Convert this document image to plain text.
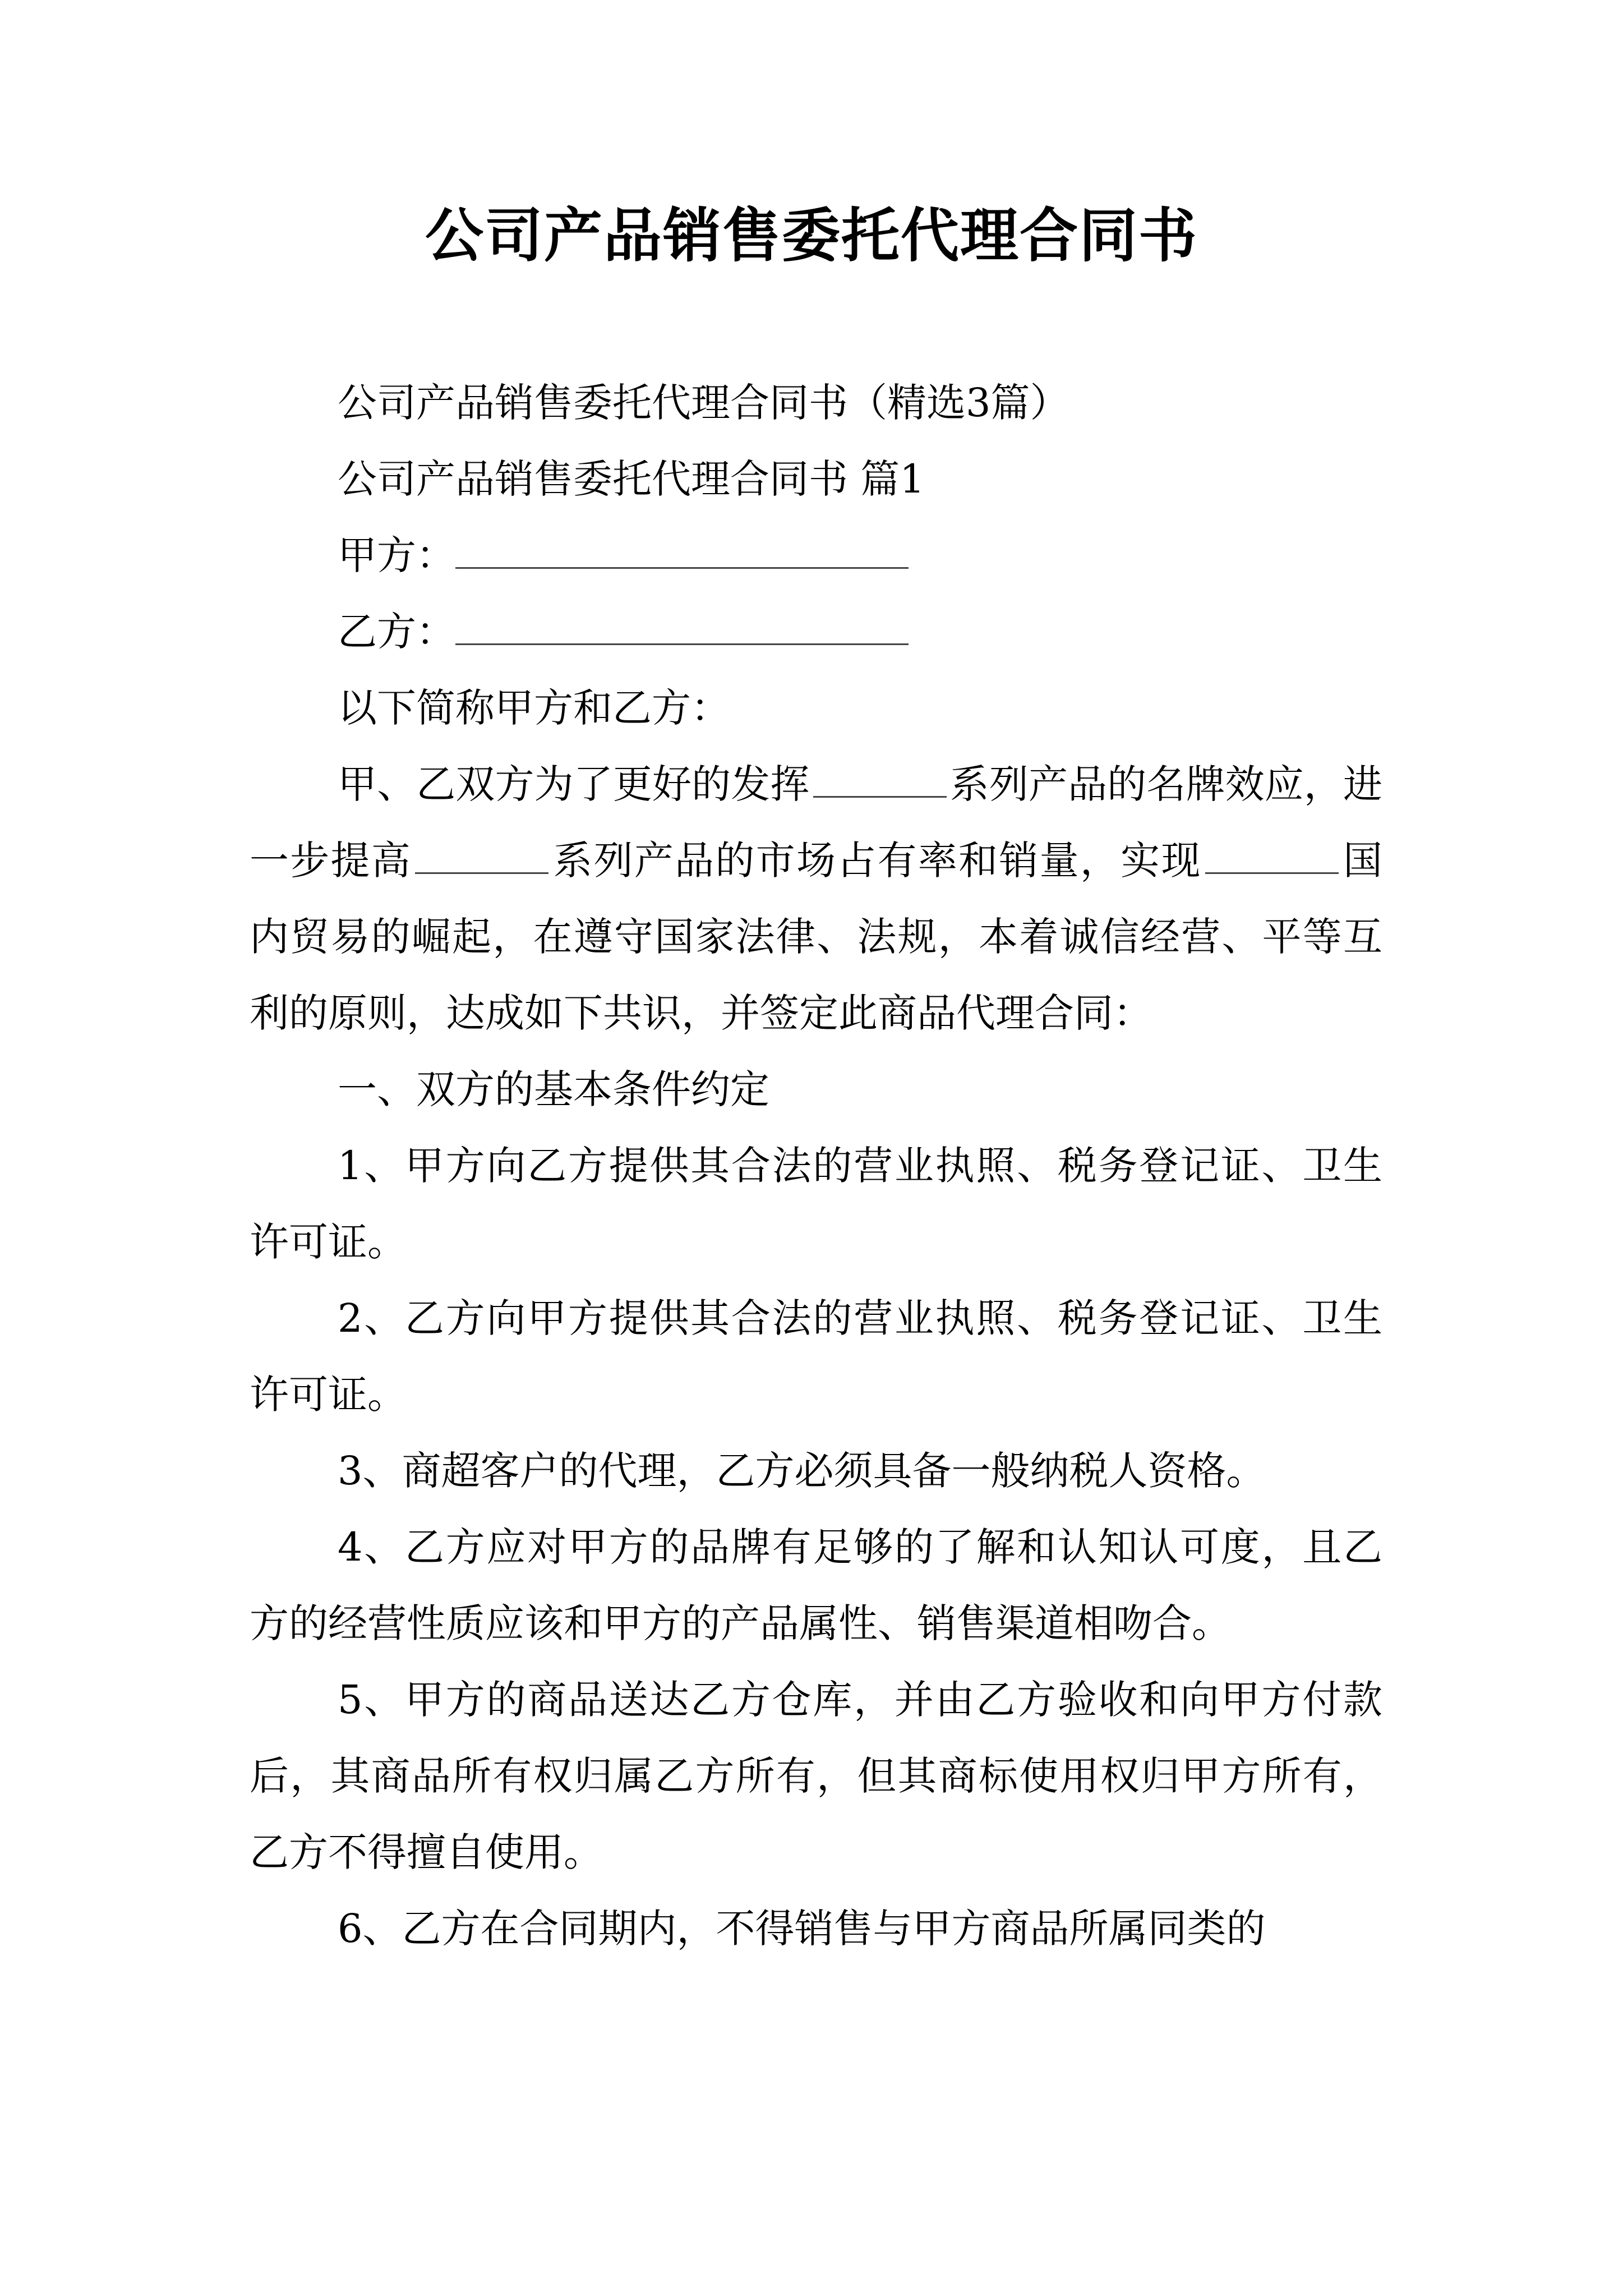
公司产品销售委托代理合同书

公司产品销售委托代理合同书（精选3篇）

公司产品销售委托代理合同书 篇1

甲方：

乙方：

以下简称甲方和乙方：

甲、乙双方为了更好的发挥	系列产品的名牌效应，进一步提高	系列产品的市场占有率和销量，实现	国内贸易的崛起，在遵守国家法律、法规，本着诚信经营、平等互利的原则，达成如下共识，并签定此商品代理合同：

一、双方的基本条件约定

1、甲方向乙方提供其合法的营业执照、税务登记证、卫生许可证。

2、乙方向甲方提供其合法的营业执照、税务登记证、卫生许可证。

3、商超客户的代理，乙方必须具备一般纳税人资格。

4、乙方应对甲方的品牌有足够的了解和认知认可度，且乙方的经营性质应该和甲方的产品属性、销售渠道相吻合。

5、甲方的商品送达乙方仓库，并由乙方验收和向甲方付款后，其商品所有权归属乙方所有，但其商标使用权归甲方所有，乙方不得擅自使用。

6、乙方在合同期内，不得销售与甲方商品所属同类的
